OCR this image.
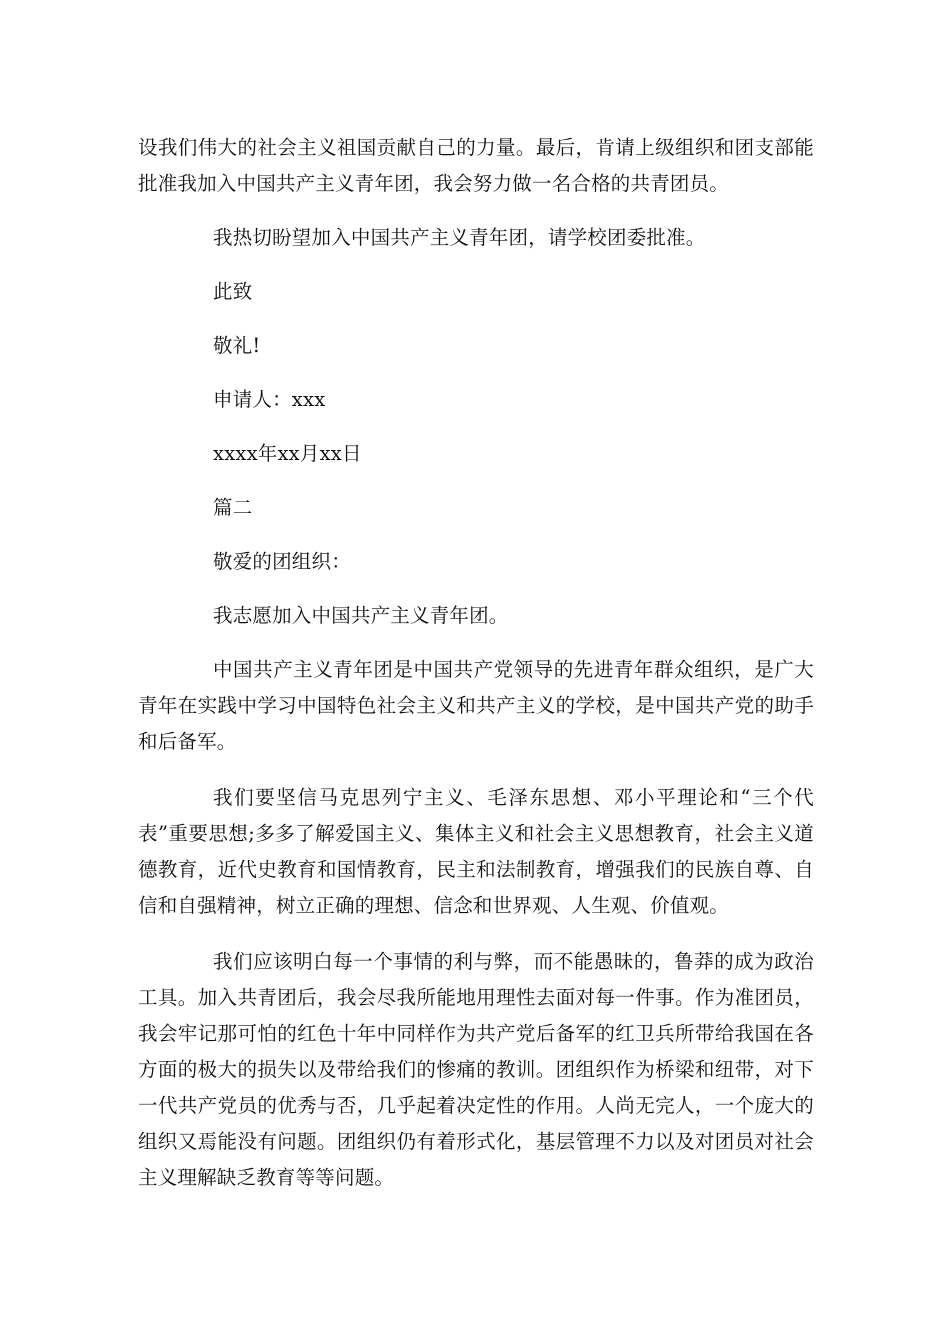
设我们伟大的社会主义祖国贡献自己的力量。最后，肯请上级组织和团支部能批准我加入中国共产主义青年团，我会努力做一名合格的共青团员。

我热切盼望加入中国共产主义青年团，请学校团委批准。

此致

敬礼!

申请人：xxx

xxxx年xx月xx日

篇二

敬爱的团组织：

我志愿加入中国共产主义青年团。

中国共产主义青年团是中国共产党领导的先进青年群众组织，是广大青年在实践中学习中国特色社会主义和共产主义的学校，是中国共产党的助手和后备军。

我们要坚信马克思列宁主义、毛泽东思想、邓小平理论和“三个代表”重要思想;多多了解爱国主义、集体主义和社会主义思想教育，社会主义道德教育，近代史教育和国情教育，民主和法制教育，增强我们的民族自尊、自信和自强精神，树立正确的理想、信念和世界观、人生观、价值观。

我们应该明白每一个事情的利与弊，而不能愚昧的，鲁莽的成为政治工具。加入共青团后，我会尽我所能地用理性去面对每一件事。作为准团员，我会牢记那可怕的红色十年中同样作为共产党后备军的红卫兵所带给我国在各方面的极大的损失以及带给我们的惨痛的教训。团组织作为桥梁和纽带，对下一代共产党员的优秀与否，几乎起着决定性的作用。人尚无完人，一个庞大的组织又焉能没有问题。团组织仍有着形式化，基层管理不力以及对团员对社会主义理解缺乏教育等等问题。
